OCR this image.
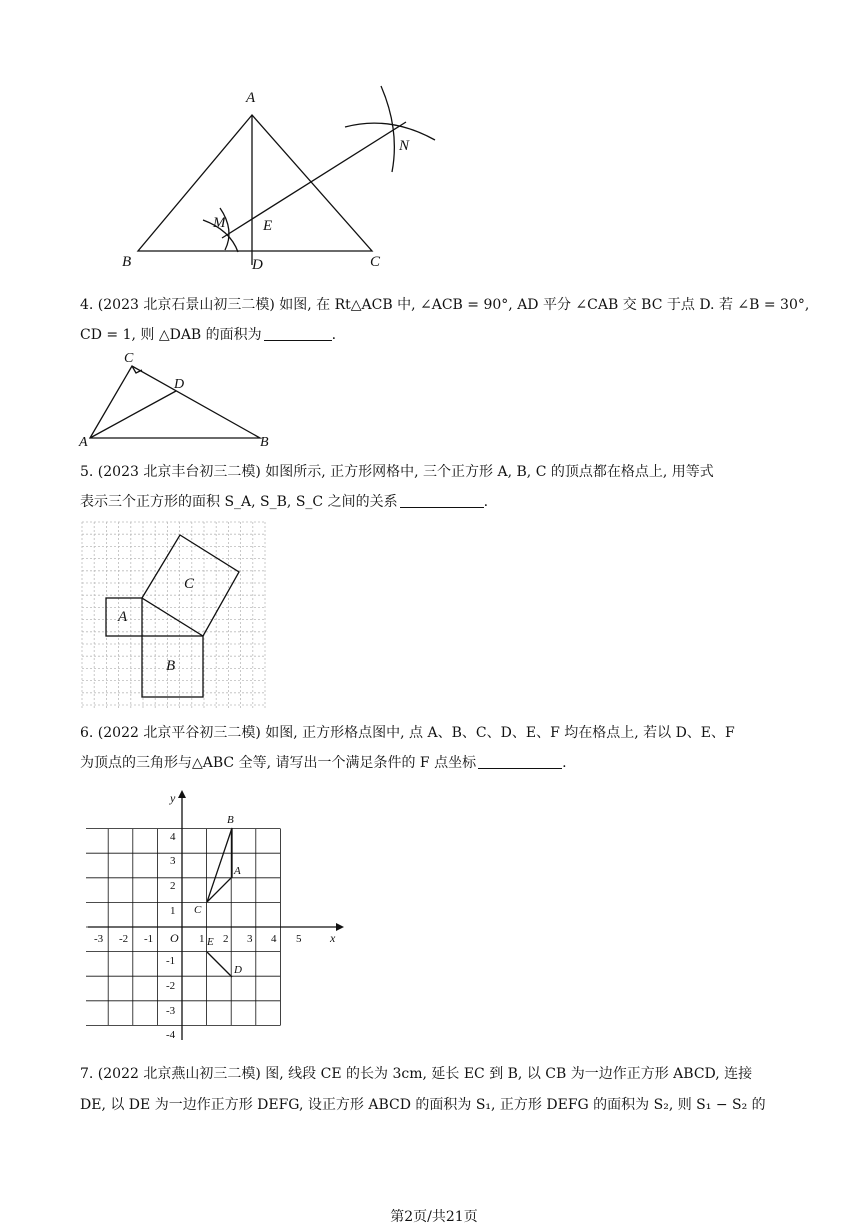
A
B	C
D
E
M
N
4. (2023 北京石景山初三二模) 如图, 在 Rt△ACB 中, ∠ACB = 90°, AD 平分 ∠CAB 交 BC 于点 D. 若 ∠B = 30°,
CD = 1, 则 △DAB 的面积为	.
C
D
A	B
5. (2023 北京丰台初三二模) 如图所示, 正方形网格中, 三个正方形 A, B, C 的顶点都在格点上, 用等式
表示三个正方形的面积 S_A, S_B, S_C 之间的关系	.
A
B
C
6. (2022 北京平谷初三二模) 如图, 正方形格点图中, 点 A、B、C、D、E、F 均在格点上, 若以 D、E、F
为顶点的三角形与△ABC 全等, 请写出一个满足条件的 F 点坐标	.
x
y
O
-3 -2 -1	1 2 3 4 5
4
3
2
1
-1
-2
-3
-4
B
A
C
E
D
7. (2022 北京燕山初三二模) 图, 线段 CE 的长为 3cm, 延长 EC 到 B, 以 CB 为一边作正方形 ABCD, 连接
DE, 以 DE 为一边作正方形 DEFG, 设正方形 ABCD 的面积为 S₁, 正方形 DEFG 的面积为 S₂, 则 S₁ − S₂ 的
第2页/共21页
